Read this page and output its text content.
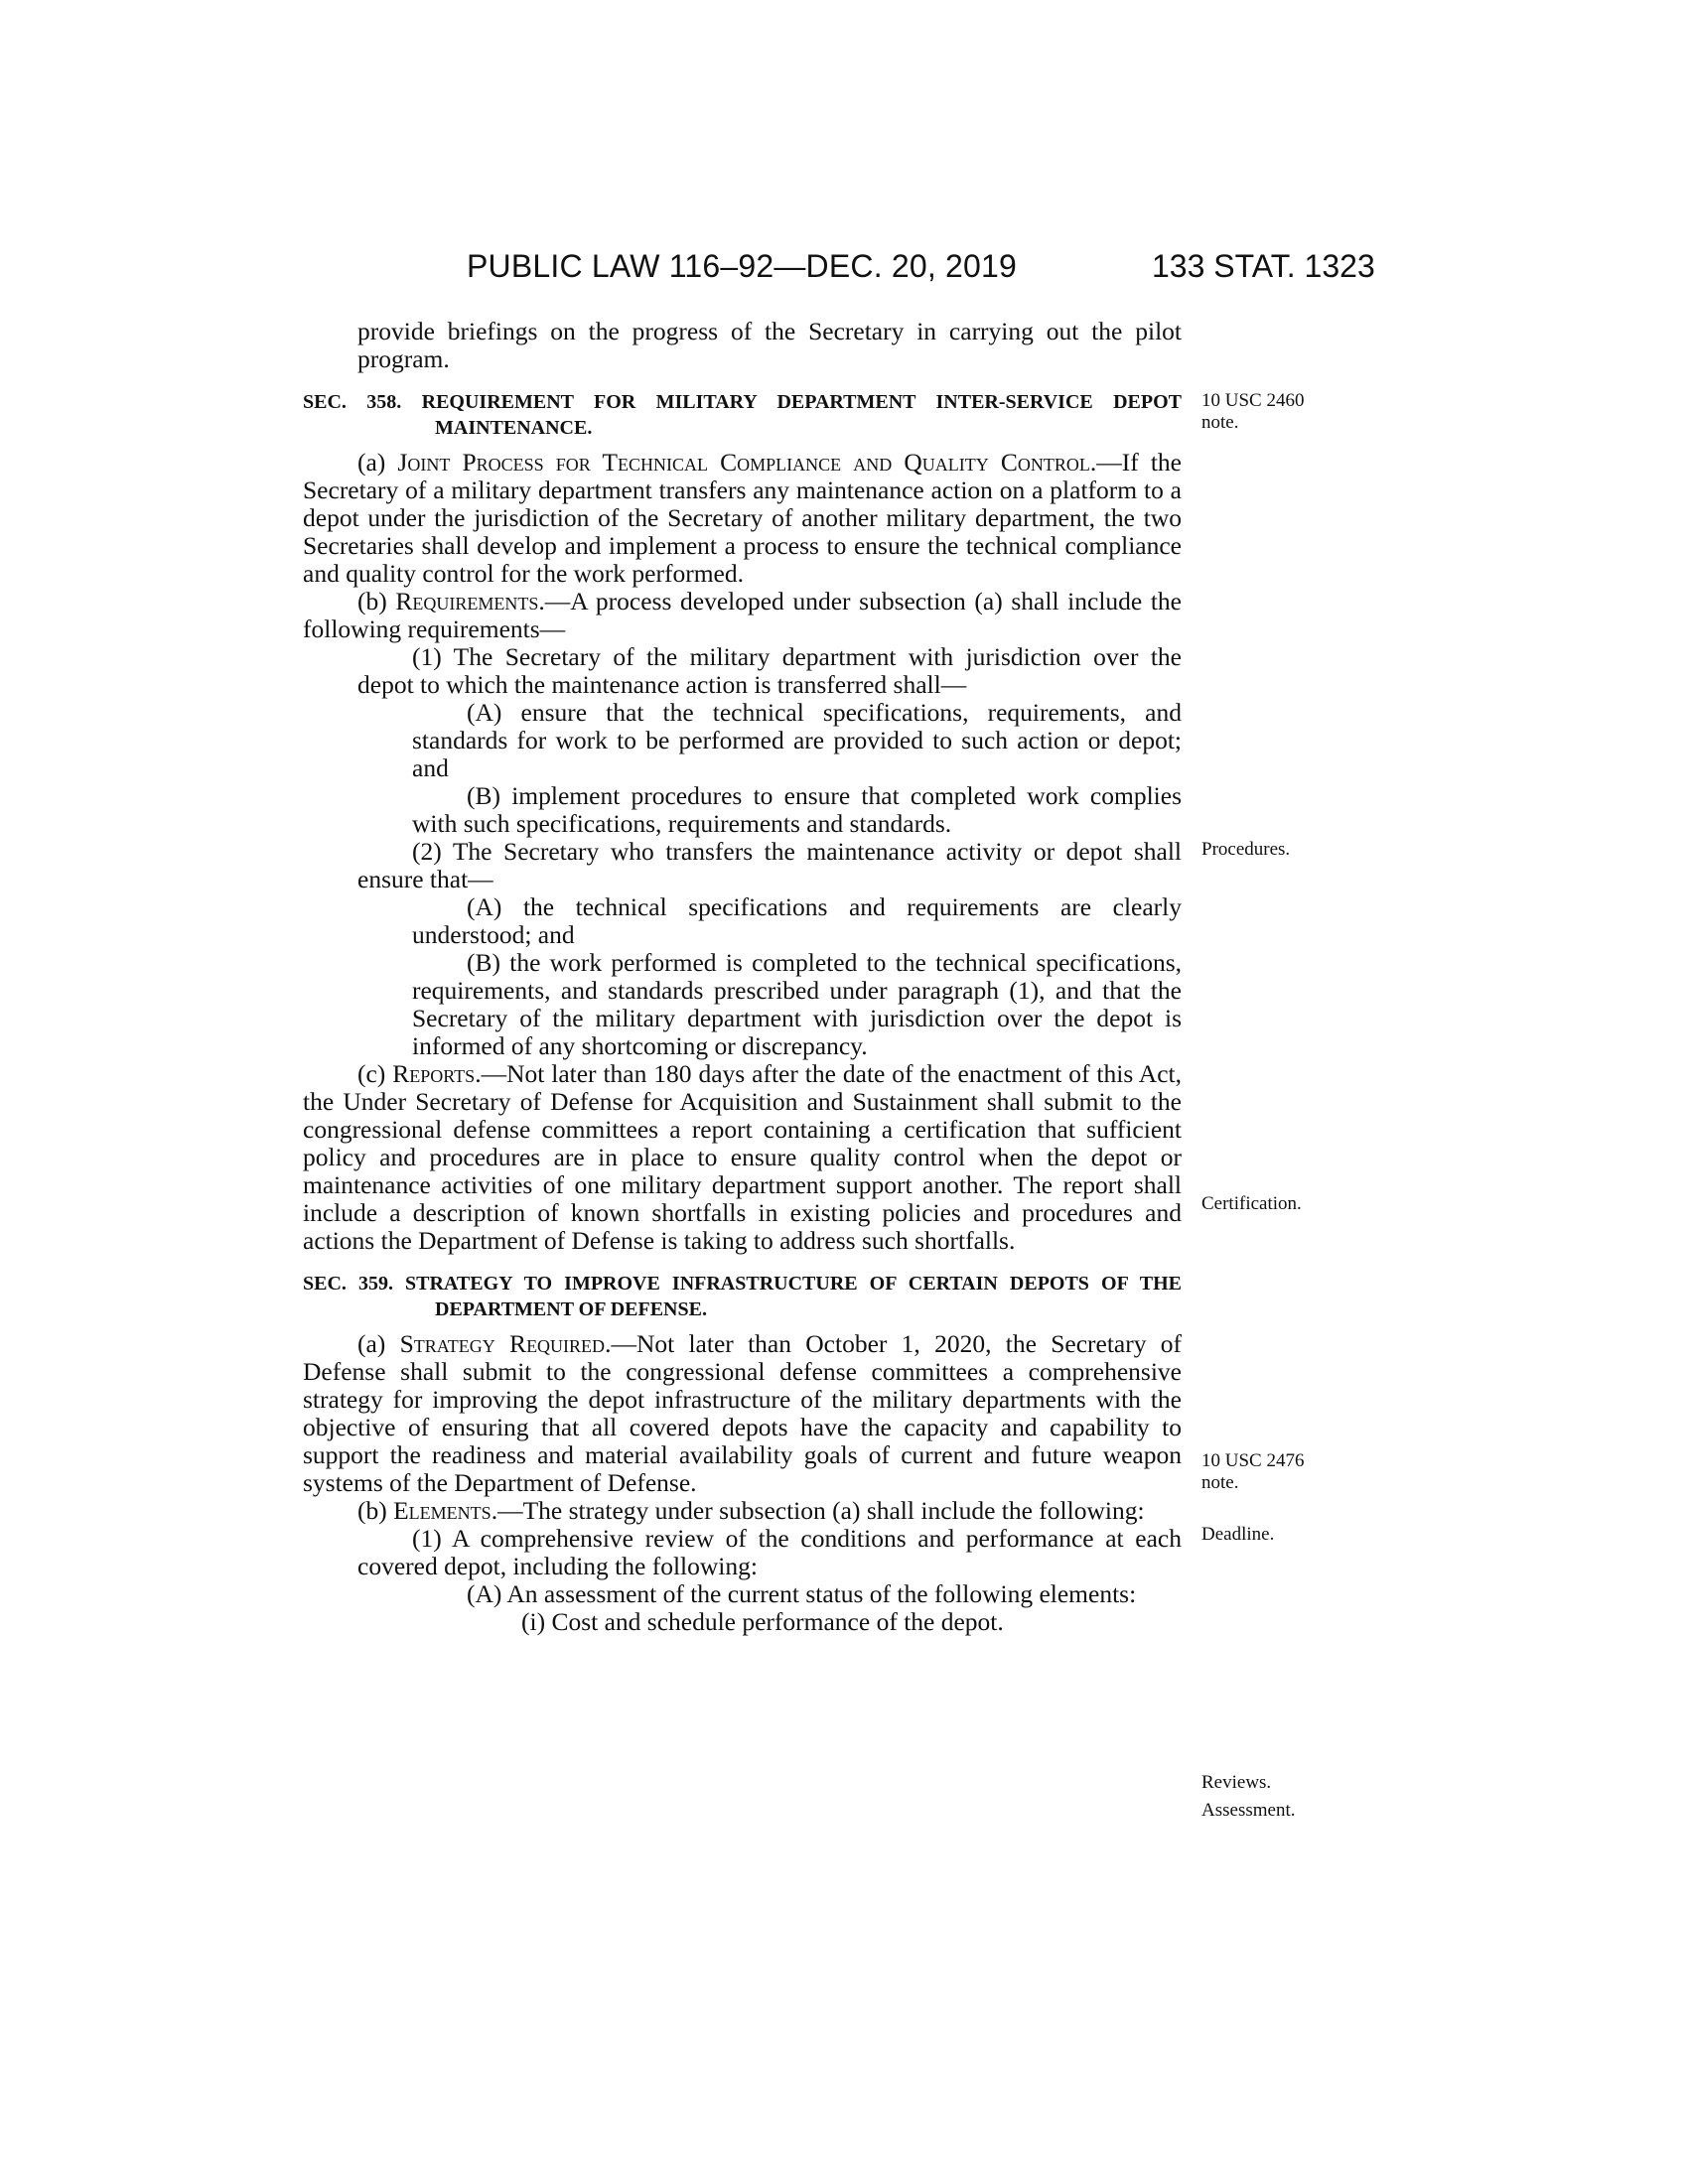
PUBLIC LAW 116–92—DEC. 20, 2019	133 STAT. 1323
10 USC 2460
note.
Procedures.
Certification.
10 USC 2476
note.
Deadline.
Reviews.
Assessment.

provide briefings on the progress of the Secretary in carrying out the pilot program.

SEC. 358. REQUIREMENT FOR MILITARY DEPARTMENT INTER-SERVICE DEPOT MAINTENANCE.

(a) Joint Process for Technical Compliance and Quality Control.—If the Secretary of a military department transfers any maintenance action on a platform to a depot under the jurisdiction of the Secretary of another military department, the two Secretaries shall develop and implement a process to ensure the technical compliance and quality control for the work performed.

(b) Requirements.—A process developed under subsection (a) shall include the following requirements—

(1) The Secretary of the military department with jurisdiction over the depot to which the maintenance action is transferred shall—

(A) ensure that the technical specifications, requirements, and standards for work to be performed are provided to such action or depot; and

(B) implement procedures to ensure that completed work complies with such specifications, requirements and standards.

(2) The Secretary who transfers the maintenance activity or depot shall ensure that—

(A) the technical specifications and requirements are clearly understood; and

(B) the work performed is completed to the technical specifications, requirements, and standards prescribed under paragraph (1), and that the Secretary of the military department with jurisdiction over the depot is informed of any shortcoming or discrepancy.

(c) Reports.—Not later than 180 days after the date of the enactment of this Act, the Under Secretary of Defense for Acquisition and Sustainment shall submit to the congressional defense committees a report containing a certification that sufficient policy and procedures are in place to ensure quality control when the depot or maintenance activities of one military department support another. The report shall include a description of known shortfalls in existing policies and procedures and actions the Department of Defense is taking to address such shortfalls.

SEC. 359. STRATEGY TO IMPROVE INFRASTRUCTURE OF CERTAIN DEPOTS OF THE DEPARTMENT OF DEFENSE.

(a) Strategy Required.—Not later than October 1, 2020, the Secretary of Defense shall submit to the congressional defense committees a comprehensive strategy for improving the depot infrastructure of the military departments with the objective of ensuring that all covered depots have the capacity and capability to support the readiness and material availability goals of current and future weapon systems of the Department of Defense.

(b) Elements.—The strategy under subsection (a) shall include the following:

(1) A comprehensive review of the conditions and performance at each covered depot, including the following:

(A) An assessment of the current status of the following elements:

(i) Cost and schedule performance of the depot.
